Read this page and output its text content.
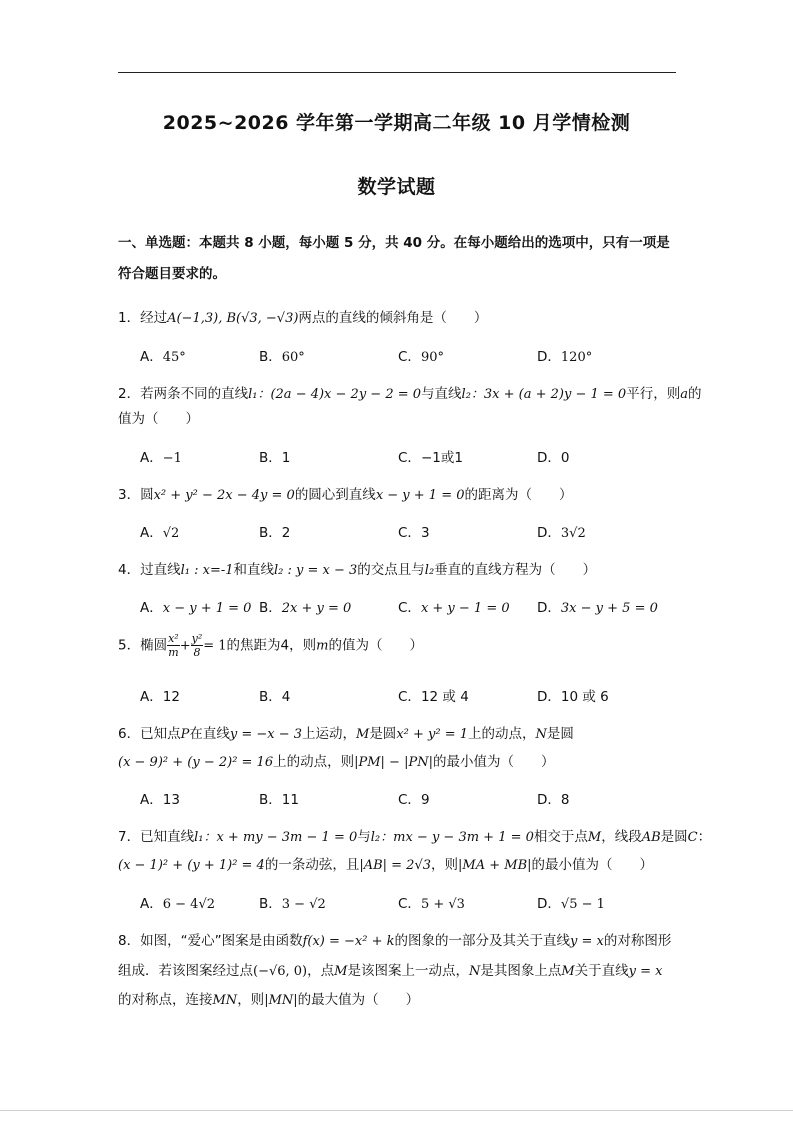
2025~2026 学年第一学期高二年级 10 月学情检测
数学试题
一、单选题：本题共 8 小题，每小题 5 分，共 40 分。在每小题给出的选项中，只有一项是
符合题目要求的。
1．经过A(−1,3), B(√3, −√3)两点的直线的倾斜角是（　　）
A．45°	B．60°	C．90°	D．120°
2．若两条不同的直线l₁：(2a − 4)x − 2y − 2 = 0与直线l₂：3x + (a + 2)y − 1 = 0平行，则a的
值为（　　）
A．−1	B．1	C．−1或1	D．0
3．圆x² + y² − 2x − 4y = 0的圆心到直线x − y + 1 = 0的距离为（　　）
A．√2	B．2	C．3	D．3√2
4．过直线l₁ : x=-1和直线l₂ : y = x − 3的交点且与l₂垂直的直线方程为（　　）
A．x − y + 1 = 0 B．2x + y = 0	C．x + y − 1 = 0 D．3x − y + 5 = 0
5．椭圆 $\frac{\text{x²}}{m} + \frac{\text{y²}}{8} = 1$的焦距为4，则m的值为（　　）
A．12	B．4	C．12 或 4	D．10 或 6
6．已知点P在直线y = −x − 3上运动，M是圆x² + y² = 1上的动点，N是圆
(x − 9)² + (y − 2)² = 16上的动点，则|PM| − |PN|的最小值为（　　）
A．13	B．11	C．9	D．8
7．已知直线l₁：x + my − 3m − 1 = 0与l₂：mx − y − 3m + 1 = 0相交于点M，线段AB是圆C：
(x − 1)² + (y + 1)² = 4的一条动弦，且|AB| = 2√3，则|MA + MB|的最小值为（　　）
A．6 − 4√2	B．3 − √2	C．5 + √3	D．√5 − 1
8．如图，“爱心”图案是由函数f(x) = −x² + k的图象的一部分及其关于直线y = x的对称图形
组成．若该图案经过点(−√6, 0)，点M是该图案上一动点，N是其图象上点M关于直线y = x
的对称点，连接MN，则|MN|的最大值为（　　）
